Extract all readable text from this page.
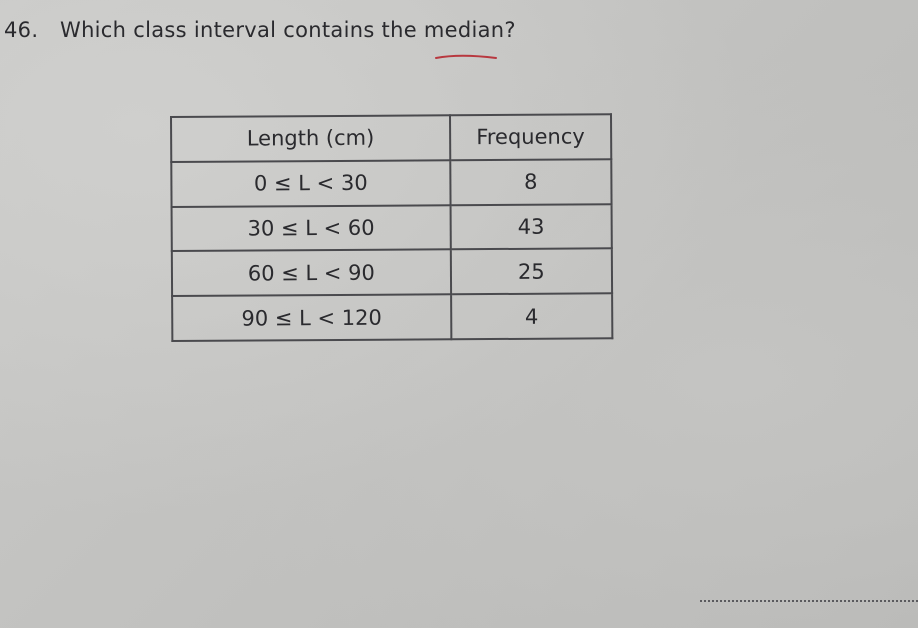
46. Which class interval contains the median?
Length (cm)	Frequency
0 ≤ L < 30	8
30 ≤ L < 60	43
60 ≤ L < 90	25
90 ≤ L < 120	4
